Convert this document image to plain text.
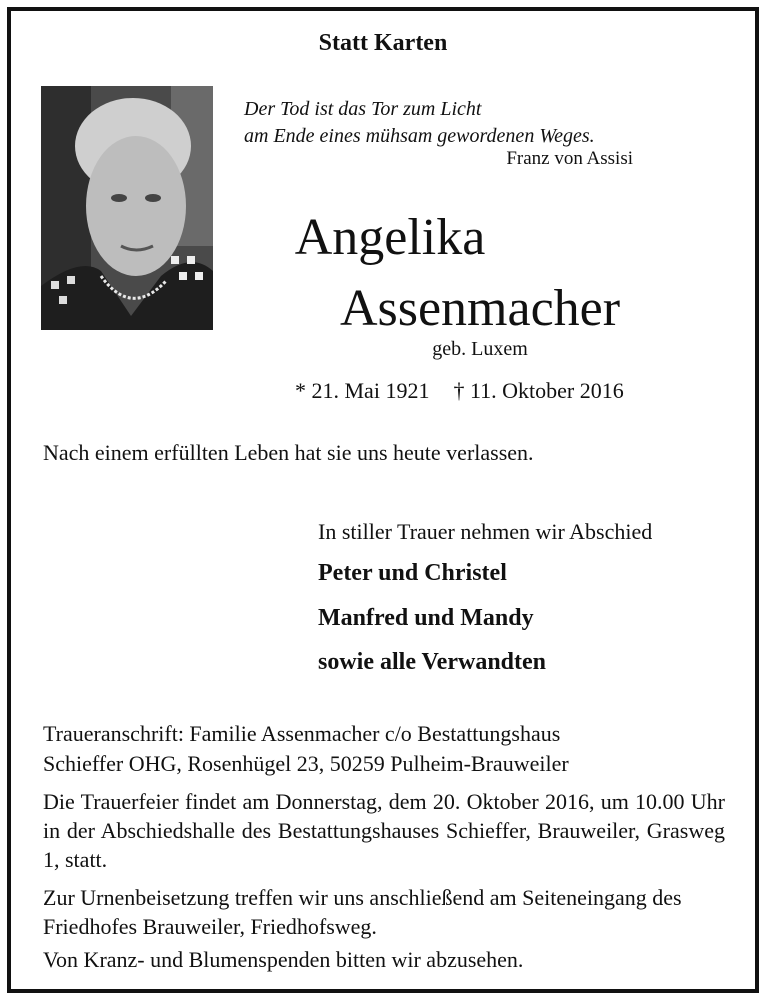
Statt Karten
Der Tod ist das Tor zum Licht
am Ende eines mühsam gewordenen Weges.
Franz von Assisi
Angelika
Assenmacher
geb. Luxem
* 21. Mai 1921 † 11. Oktober 2016
Nach einem erfüllten Leben hat sie uns heute verlassen.
In stiller Trauer nehmen wir Abschied
Peter und Christel
Manfred und Mandy
sowie alle Verwandten
Traueranschrift: Familie Assenmacher c/o Bestattungshaus
Schieffer OHG, Rosenhügel 23, 50259 Pulheim-Brauweiler
Die Trauerfeier findet am Donnerstag, dem 20. Oktober 2016, um 10.00 Uhr in der Abschiedshalle des Bestattungshauses Schieffer, Brauweiler, Grasweg 1, statt.
Zur Urnenbeisetzung treffen wir uns anschließend am Seiteneingang des Friedhofes Brauweiler, Friedhofsweg.
Von Kranz- und Blumenspenden bitten wir abzusehen.
